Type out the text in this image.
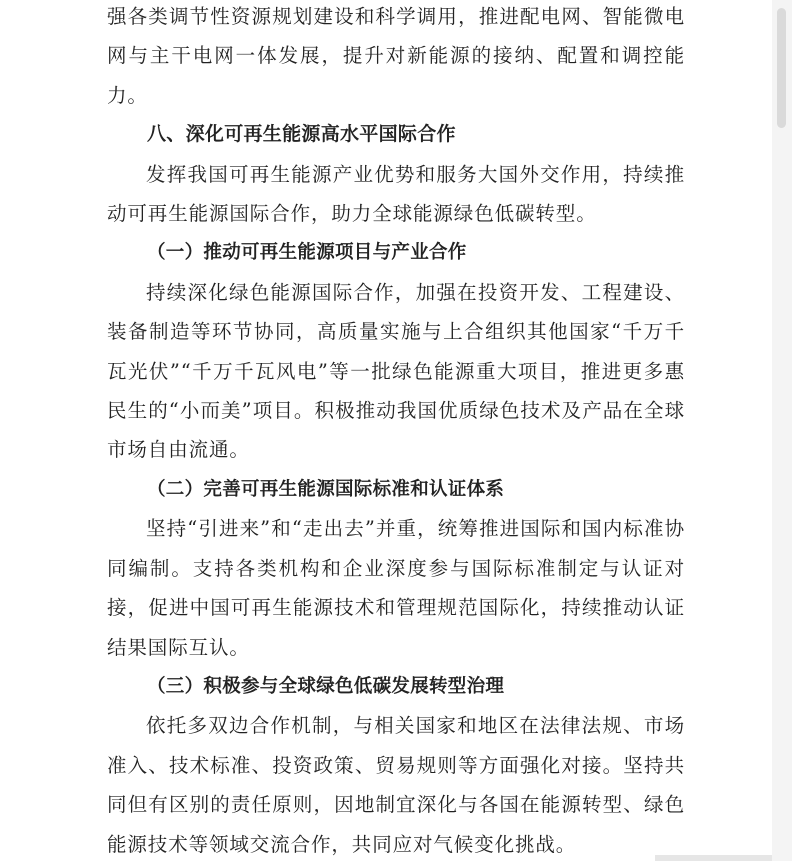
强各类调节性资源规划建设和科学调用，推进配电网、智能微电网与主干电网一体发展，提升对新能源的接纳、配置和调控能力。

八、深化可再生能源高水平国际合作

发挥我国可再生能源产业优势和服务大国外交作用，持续推动可再生能源国际合作，助力全球能源绿色低碳转型。

（一）推动可再生能源项目与产业合作

持续深化绿色能源国际合作，加强在投资开发、工程建设、装备制造等环节协同，高质量实施与上合组织其他国家“千万千瓦光伏”“千万千瓦风电”等一批绿色能源重大项目，推进更多惠民生的“小而美”项目。积极推动我国优质绿色技术及产品在全球市场自由流通。

（二）完善可再生能源国际标准和认证体系

坚持“引进来”和“走出去”并重，统筹推进国际和国内标准协同编制。支持各类机构和企业深度参与国际标准制定与认证对接，促进中国可再生能源技术和管理规范国际化，持续推动认证结果国际互认。

（三）积极参与全球绿色低碳发展转型治理

依托多双边合作机制，与相关国家和地区在法律法规、市场准入、技术标准、投资政策、贸易规则等方面强化对接。坚持共同但有区别的责任原则，因地制宜深化与各国在能源转型、绿色能源技术等领域交流合作，共同应对气候变化挑战。
